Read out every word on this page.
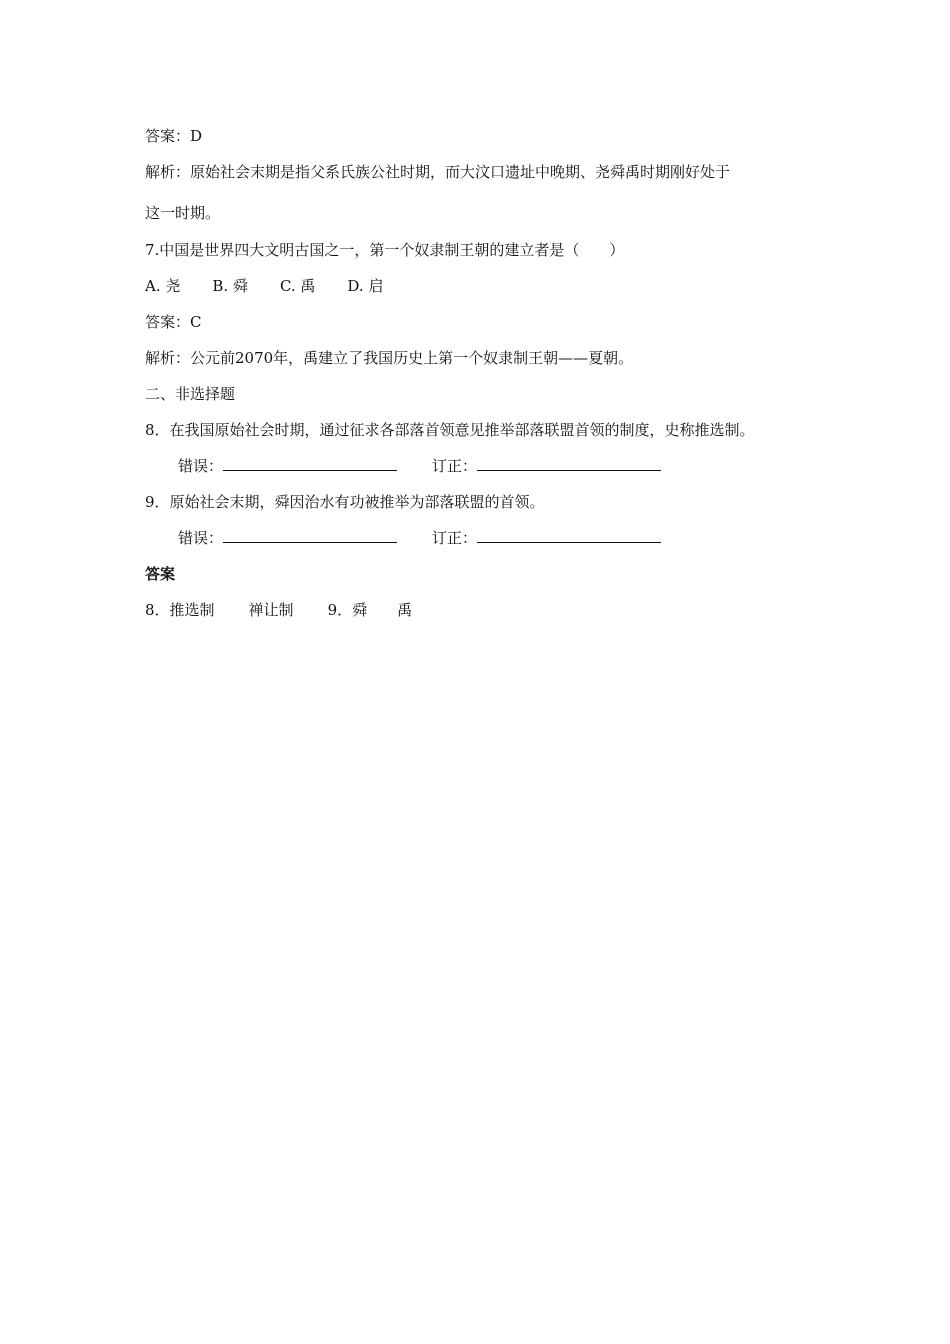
答案：D
解析：原始社会末期是指父系氏族公社时期，而大汶口遗址中晚期、尧舜禹时期刚好处于
这一时期。
7.中国是世界四大文明古国之一，第一个奴隶制王朝的建立者是（　　）
A. 尧 B. 舜 C. 禹 D. 启
答案：C
解析：公元前2070年，禹建立了我国历史上第一个奴隶制王朝——夏朝。
二、非选择题
8．在我国原始社会时期，通过征求各部落首领意见推举部落联盟首领的制度，史称推选制。
错误：	订正：
9．原始社会末期，舜因治水有功被推举为部落联盟的首领。
错误：	订正：
答案
8．推选制 禅让制 9．舜 禹
